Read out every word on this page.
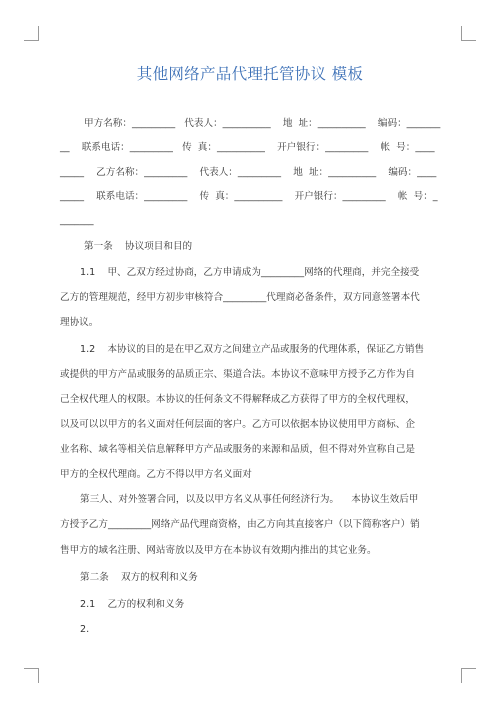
其他网络产品代理托管协议 模板
甲方名称：_________   代表人：__________    地  址：__________    编码：_______
__    联系电话：_________   传  真：__________    开户银行：_________    帐  号：____
_____    乙方名称：_________    代表人：_________    地  址：__________    编码：____
_____    联系电话：_________    传  真：__________    开户银行：_________    帐  号：_
_______
第一条    协议项目和目的
1.1    甲、乙双方经过协商，乙方申请成为_________网络的代理商，并完全接受
乙方的管理规范，经甲方初步审核符合_________代理商必备条件，双方同意签署本代
理协议。
1.2    本协议的目的是在甲乙双方之间建立产品或服务的代理体系，保证乙方销售
或提供的甲方产品或服务的品质正宗、渠道合法。本协议不意味甲方授予乙方作为自
己全权代理人的权限。本协议的任何条文不得解释成乙方获得了甲方的全权代理权，
以及可以以甲方的名义面对任何层面的客户。乙方可以依据本协议使用甲方商标、企
业名称、域名等相关信息解释甲方产品或服务的来源和品质，但不得对外宣称自己是
甲方的全权代理商。乙方不得以甲方名义面对
第三人、对外签署合同，以及以甲方名义从事任何经济行为。    本协议生效后甲
方授予乙方_________网络产品代理商资格，由乙方向其直接客户（以下简称客户）销
售甲方的域名注册、网站寄放以及甲方在本协议有效期内推出的其它业务。
第二条    双方的权利和义务
2.1    乙方的权利和义务
2.
